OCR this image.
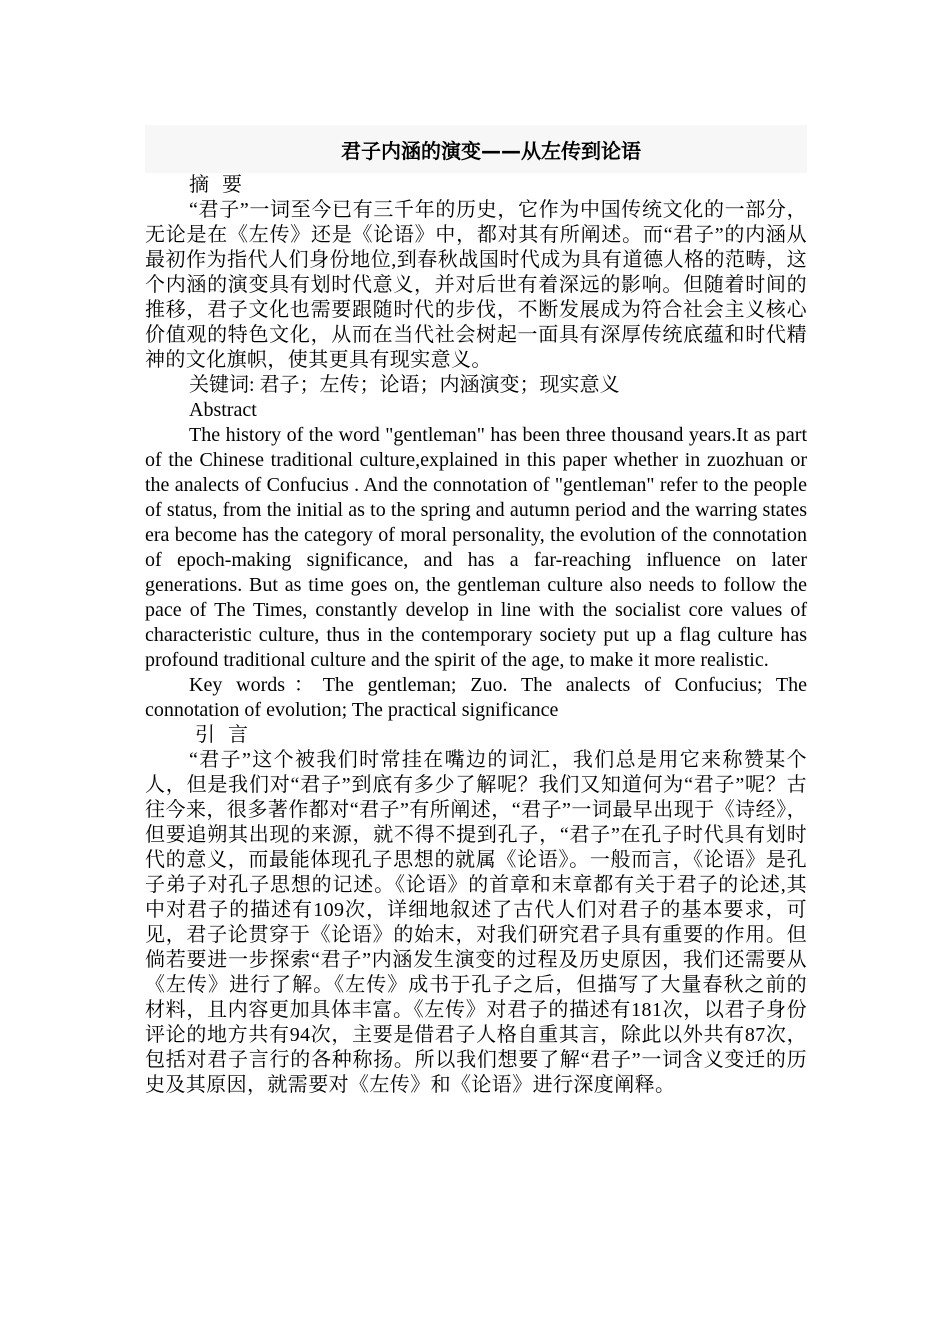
君子内涵的演变——从左传到论语

摘 要

“君子”一词至今已有三千年的历史，它作为中国传统文化的一部分，无论是在《左传》还是《论语》中，都对其有所阐述。而“君子”的内涵从最初作为指代人们身份地位,到春秋战国时代成为具有道德人格的范畴，这个内涵的演变具有划时代意义，并对后世有着深远的影响。但随着时间的推移，君子文化也需要跟随时代的步伐，不断发展成为符合社会主义核心价值观的特色文化，从而在当代社会树起一面具有深厚传统底蕴和时代精神的文化旗帜，使其更具有现实意义。

关键词: 君子；左传；论语；内涵演变；现实意义

Abstract

The history of the word "gentleman" has been three thousand years.It as part of the Chinese traditional culture,explained in this paper whether in zuozhuan or the analects of Confucius . And the connotation of "gentleman" refer to the people of status, from the initial as to the spring and autumn period and the warring states era become has the category of moral personality, the evolution of the connotation of epoch-making significance, and has a far-reaching influence on later generations. But as time goes on, the gentleman culture also needs to follow the pace of The Times, constantly develop in line with the socialist core values of characteristic culture, thus in the contemporary society put up a flag culture has profound traditional culture and the spirit of the age, to make it more realistic.

Key words：The gentleman; Zuo. The analects of Confucius; The connotation of evolution; The practical significance

引 言

“君子”这个被我们时常挂在嘴边的词汇，我们总是用它来称赞某个人，但是我们对“君子”到底有多少了解呢？我们又知道何为“君子”呢？古往今来，很多著作都对“君子”有所阐述，“君子”一词最早出现于《诗经》，但要追朔其出现的来源，就不得不提到孔子，“君子”在孔子时代具有划时代的意义，而最能体现孔子思想的就属《论语》。一般而言，《论语》是孔子弟子对孔子思想的记述。《论语》的首章和末章都有关于君子的论述,其中对君子的描述有109次，详细地叙述了古代人们对君子的基本要求，可见，君子论贯穿于《论语》的始末，对我们研究君子具有重要的作用。但倘若要进一步探索“君子”内涵发生演变的过程及历史原因，我们还需要从 《左传》进行了解。《左传》成书于孔子之后，但描写了大量春秋之前的材料，且内容更加具体丰富。《左传》对君子的描述有181次，以君子身份评论的地方共有94次，主要是借君子人格自重其言，除此以外共有87次，包括对君子言行的各种称扬。所以我们想要了解“君子”一词含义变迁的历史及其原因，就需要对《左传》和《论语》进行深度阐释。
